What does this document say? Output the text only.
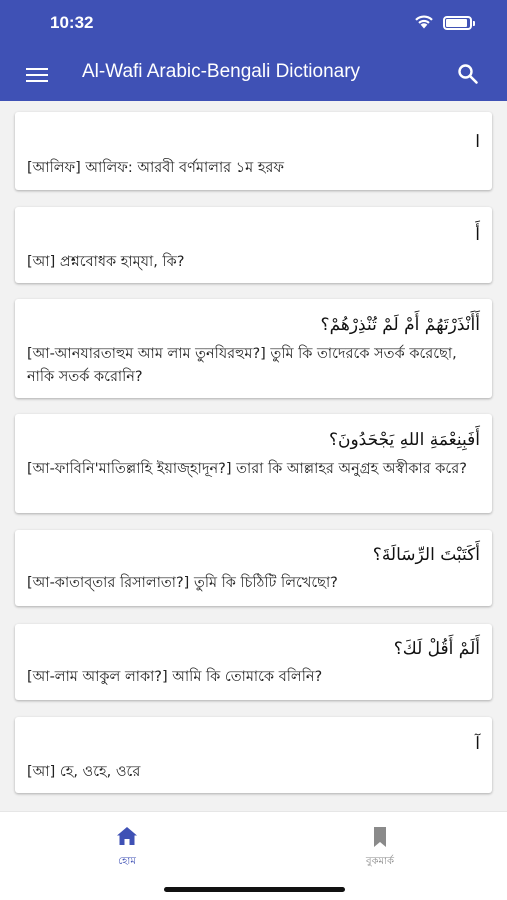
10:32
Al-Wafi Arabic-Bengali Dictionary
ا
[আলিফ] আলিফ: আরবী বর্ণমালার ১ম হরফ
أَ
[আ] প্রশ্নবোধক হাম্‌যা, কি?
أَأَنْذَرْتَهُمْ أَمْ لَمْ تُنْذِرْهُمْ؟
[আ-আনযারতাহুম আম লাম তুনযিরহুম?] তুমি কি তাদেরকে সতর্ক করেছো, নাকি সতর্ক করোনি?
أَفَبِنِعْمَةِ اللهِ يَجْحَدُونَ؟
[আ-ফাবিনি'মাতিল্লাহি ইয়াজ্‌হাদূন?] তারা কি আল্লাহর অনুগ্রহ অস্বীকার করে?
أَكَتَبْتَ الرِّسَالَةَ؟
[আ-কাতাব্‌তার রিসালাতা?] তুমি কি চিঠিটি লিখেছো?
أَلَمْ أَقُلْ لَكَ؟
[আ-লাম আকুল লাকা?] আমি কি তোমাকে বলিনি?
آ
[আ] হে, ওহে, ওরে
হোম	বুকমার্ক
